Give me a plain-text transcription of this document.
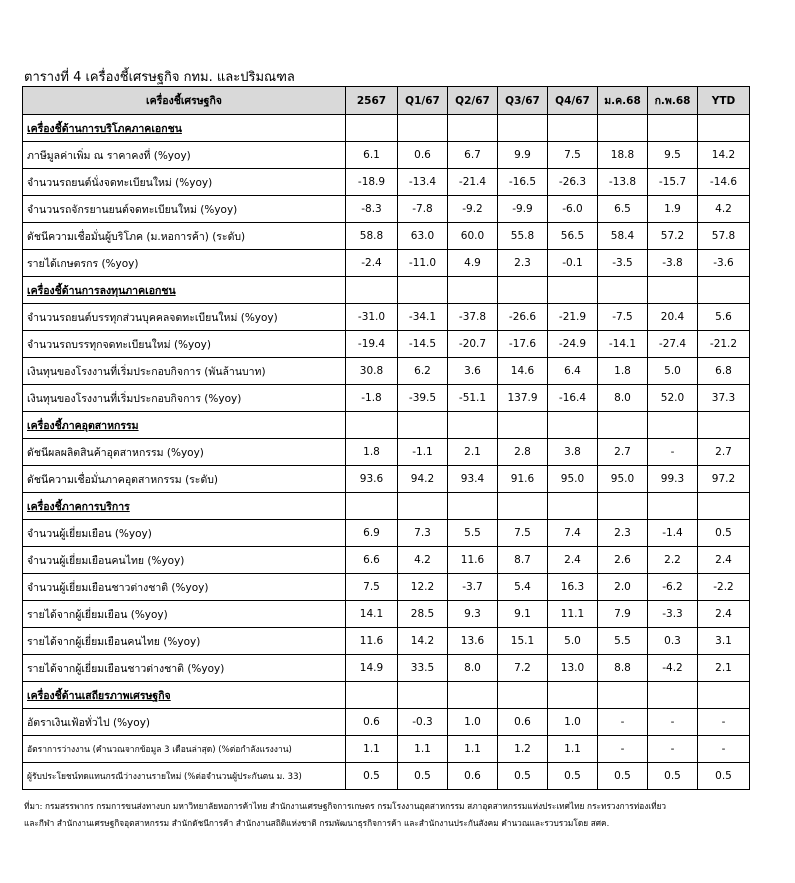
ตารางที่ 4 เครื่องชี้เศรษฐกิจ กทม. และปริมณฑล
เครื่องชี้เศรษฐกิจ	2567	Q1/67	Q2/67	Q3/67	Q4/67	ม.ค.68	ก.พ.68	YTD
เครื่องชี้ด้านการบริโภคภาคเอกชน								
ภาษีมูลค่าเพิ่ม ณ ราคาคงที่ (%yoy)	6.1	0.6	6.7	9.9	7.5	18.8	9.5	14.2
จำนวนรถยนต์นั่งจดทะเบียนใหม่ (%yoy)	-18.9	-13.4	-21.4	-16.5	-26.3	-13.8	-15.7	-14.6
จำนวนรถจักรยานยนต์จดทะเบียนใหม่ (%yoy)	-8.3	-7.8	-9.2	-9.9	-6.0	6.5	1.9	4.2
ดัชนีความเชื่อมั่นผู้บริโภค (ม.หอการค้า) (ระดับ)	58.8	63.0	60.0	55.8	56.5	58.4	57.2	57.8
รายได้เกษตรกร (%yoy)	-2.4	-11.0	4.9	2.3	-0.1	-3.5	-3.8	-3.6
เครื่องชี้ด้านการลงทุนภาคเอกชน								
จำนวนรถยนต์บรรทุกส่วนบุคคลจดทะเบียนใหม่ (%yoy)	-31.0	-34.1	-37.8	-26.6	-21.9	-7.5	20.4	5.6
จำนวนรถบรรทุกจดทะเบียนใหม่ (%yoy)	-19.4	-14.5	-20.7	-17.6	-24.9	-14.1	-27.4	-21.2
เงินทุนของโรงงานที่เริ่มประกอบกิจการ (พันล้านบาท)	30.8	6.2	3.6	14.6	6.4	1.8	5.0	6.8
เงินทุนของโรงงานที่เริ่มประกอบกิจการ (%yoy)	-1.8	-39.5	-51.1	137.9	-16.4	8.0	52.0	37.3
เครื่องชี้ภาคอุตสาหกรรม								
ดัชนีผลผลิตสินค้าอุตสาหกรรม (%yoy)	1.8	-1.1	2.1	2.8	3.8	2.7	-	2.7
ดัชนีความเชื่อมั่นภาคอุตสาหกรรม (ระดับ)	93.6	94.2	93.4	91.6	95.0	95.0	99.3	97.2
เครื่องชี้ภาคการบริการ								
จำนวนผู้เยี่ยมเยือน (%yoy)	6.9	7.3	5.5	7.5	7.4	2.3	-1.4	0.5
จำนวนผู้เยี่ยมเยือนคนไทย (%yoy)	6.6	4.2	11.6	8.7	2.4	2.6	2.2	2.4
จำนวนผู้เยี่ยมเยือนชาวต่างชาติ (%yoy)	7.5	12.2	-3.7	5.4	16.3	2.0	-6.2	-2.2
รายได้จากผู้เยี่ยมเยือน (%yoy)	14.1	28.5	9.3	9.1	11.1	7.9	-3.3	2.4
รายได้จากผู้เยี่ยมเยือนคนไทย (%yoy)	11.6	14.2	13.6	15.1	5.0	5.5	0.3	3.1
รายได้จากผู้เยี่ยมเยือนชาวต่างชาติ (%yoy)	14.9	33.5	8.0	7.2	13.0	8.8	-4.2	2.1
เครื่องชี้ด้านเสถียรภาพเศรษฐกิจ								
อัตราเงินเฟ้อทั่วไป (%yoy)	0.6	-0.3	1.0	0.6	1.0	-	-	-
อัตราการว่างงาน (คำนวณจากข้อมูล 3 เดือนล่าสุด) (%ต่อกำลังแรงงาน)	1.1	1.1	1.1	1.2	1.1	-	-	-
ผู้รับประโยชน์ทดแทนกรณีว่างงานรายใหม่ (%ต่อจำนวนผู้ประกันตน ม. 33)	0.5	0.5	0.6	0.5	0.5	0.5	0.5	0.5
ที่มา: กรมสรรพากร กรมการขนส่งทางบก มหาวิทยาลัยหอการค้าไทย สำนักงานเศรษฐกิจการเกษตร กรมโรงงานอุตสาหกรรม สภาอุตสาหกรรมแห่งประเทศไทย กระทรวงการท่องเที่ยว
และกีฬา สำนักงานเศรษฐกิจอุตสาหกรรม สำนักดัชนีการค้า สำนักงานสถิติแห่งชาติ กรมพัฒนาธุรกิจการค้า และสำนักงานประกันสังคม คำนวณและรวบรวมโดย สศค.
